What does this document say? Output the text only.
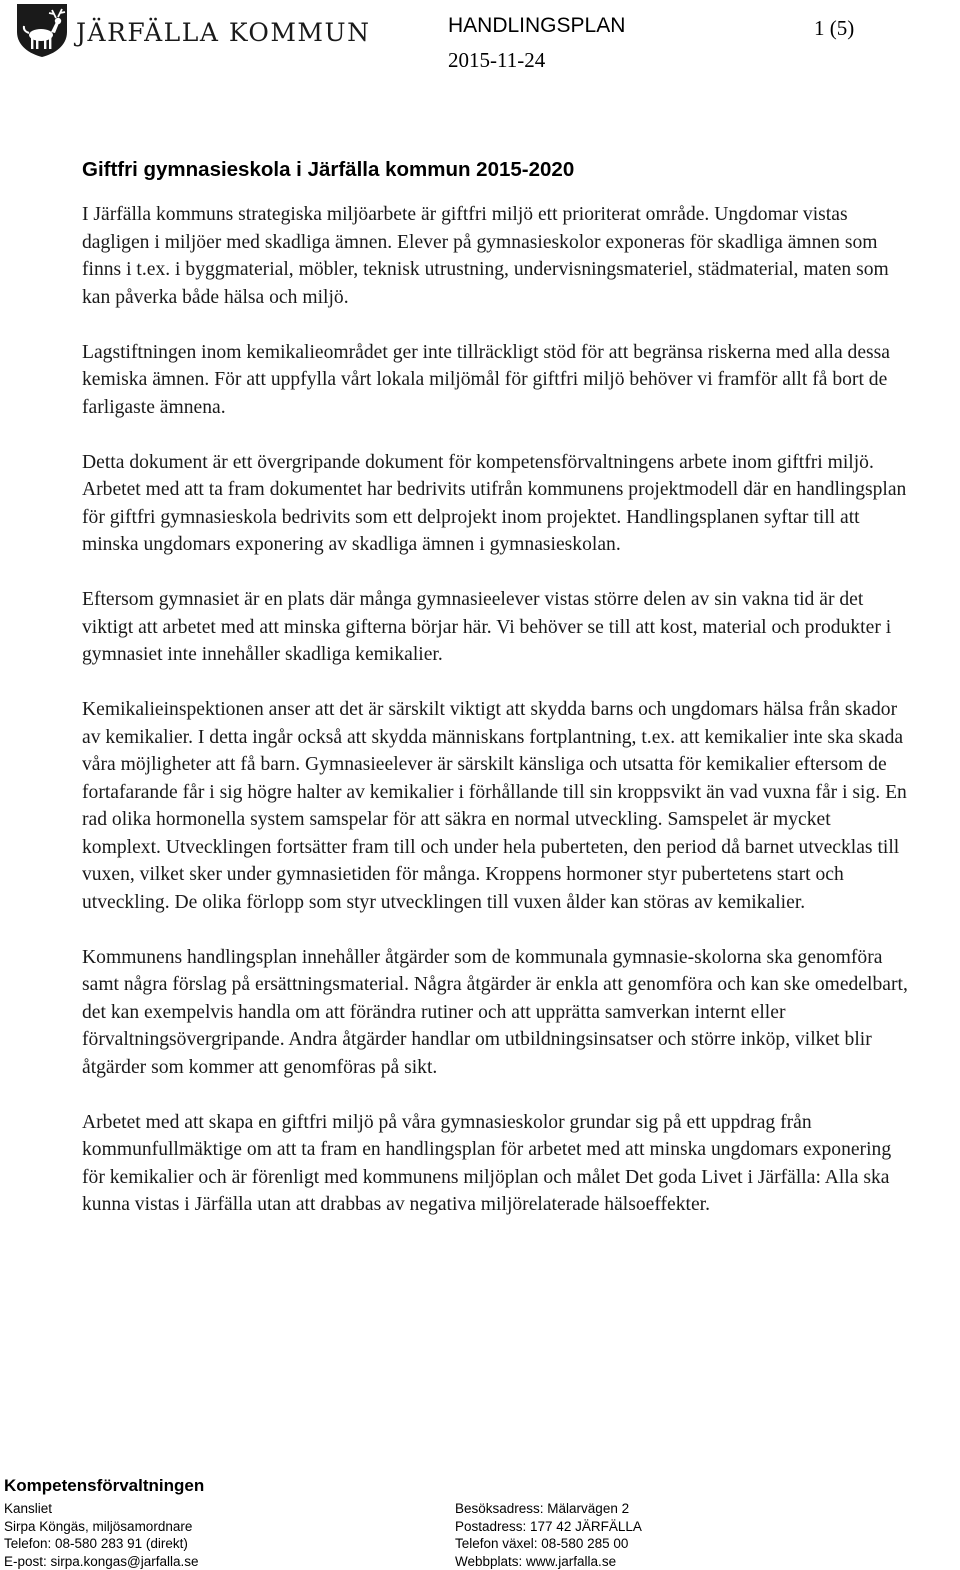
JÄRFÄLLA KOMMUN	HANDLINGSPLAN	1 (5)
2015-11-24
Giftfri gymnasieskola i Järfälla kommun 2015-2020

I Järfälla kommuns strategiska miljöarbete är giftfri miljö ett prioriterat område. Ungdomar vistas dagligen i miljöer med skadliga ämnen. Elever på gymnasieskolor exponeras för skadliga ämnen som finns i t.ex. i byggmaterial, möbler, teknisk utrustning, undervisningsmateriel, städmaterial, maten som kan påverka både hälsa och miljö.

Lagstiftningen inom kemikalieområdet ger inte tillräckligt stöd för att begränsa riskerna med alla dessa kemiska ämnen. För att uppfylla vårt lokala miljömål för giftfri miljö behöver vi framför allt få bort de farligaste ämnena.

Detta dokument är ett övergripande dokument för kompetensförvaltningens arbete inom giftfri miljö. Arbetet med att ta fram dokumentet har bedrivits utifrån kommunens projektmodell där en handlingsplan för giftfri gymnasieskola bedrivits som ett delprojekt inom projektet. Handlingsplanen syftar till att minska ungdomars exponering av skadliga ämnen i gymnasieskolan.

Eftersom gymnasiet är en plats där många gymnasieelever vistas större delen av sin vakna tid är det viktigt att arbetet med att minska gifterna börjar här. Vi behöver se till att kost, material och produkter i gymnasiet inte innehåller skadliga kemikalier.

Kemikalieinspektionen anser att det är särskilt viktigt att skydda barns och ungdomars hälsa från skador av kemikalier. I detta ingår också att skydda människans fortplantning, t.ex. att kemikalier inte ska skada våra möjligheter att få barn. Gymnasieelever är särskilt känsliga och utsatta för kemikalier eftersom de fortafarande får i sig högre halter av kemikalier i förhållande till sin kroppsvikt än vad vuxna får i sig. En rad olika hormonella system samspelar för att säkra en normal utveckling. Samspelet är mycket komplext. Utvecklingen fortsätter fram till och under hela puberteten, den period då barnet utvecklas till vuxen, vilket sker under gymnasietiden för många. Kroppens hormoner styr pubertetens start och utveckling. De olika förlopp som styr utvecklingen till vuxen ålder kan störas av kemikalier.

Kommunens handlingsplan innehåller åtgärder som de kommunala gymnasie-skolorna ska genomföra samt några förslag på ersättningsmaterial. Några åtgärder är enkla att genomföra och kan ske omedelbart, det kan exempelvis handla om att förändra rutiner och att upprätta samverkan internt eller förvaltningsövergripande. Andra åtgärder handlar om utbildningsinsatser och större inköp, vilket blir åtgärder som kommer att genomföras på sikt.

Arbetet med att skapa en giftfri miljö på våra gymnasieskolor grundar sig på ett uppdrag från kommunfullmäktige om att ta fram en handlingsplan för arbetet med att minska ungdomars exponering för kemikalier och är förenligt med kommunens miljöplan och målet Det goda Livet i Järfälla: Alla ska kunna vistas i Järfälla utan att drabbas av negativa miljörelaterade hälsoeffekter.

Kompetensförvaltningen
Kansliet
Sirpa Köngäs, miljösamordnare
Telefon: 08-580 283 91 (direkt)
E-post: sirpa.kongas@jarfalla.se
Besöksadress: Mälarvägen 2
Postadress: 177 42 JÄRFÄLLA
Telefon växel: 08-580 285 00
Webbplats: www.jarfalla.se
